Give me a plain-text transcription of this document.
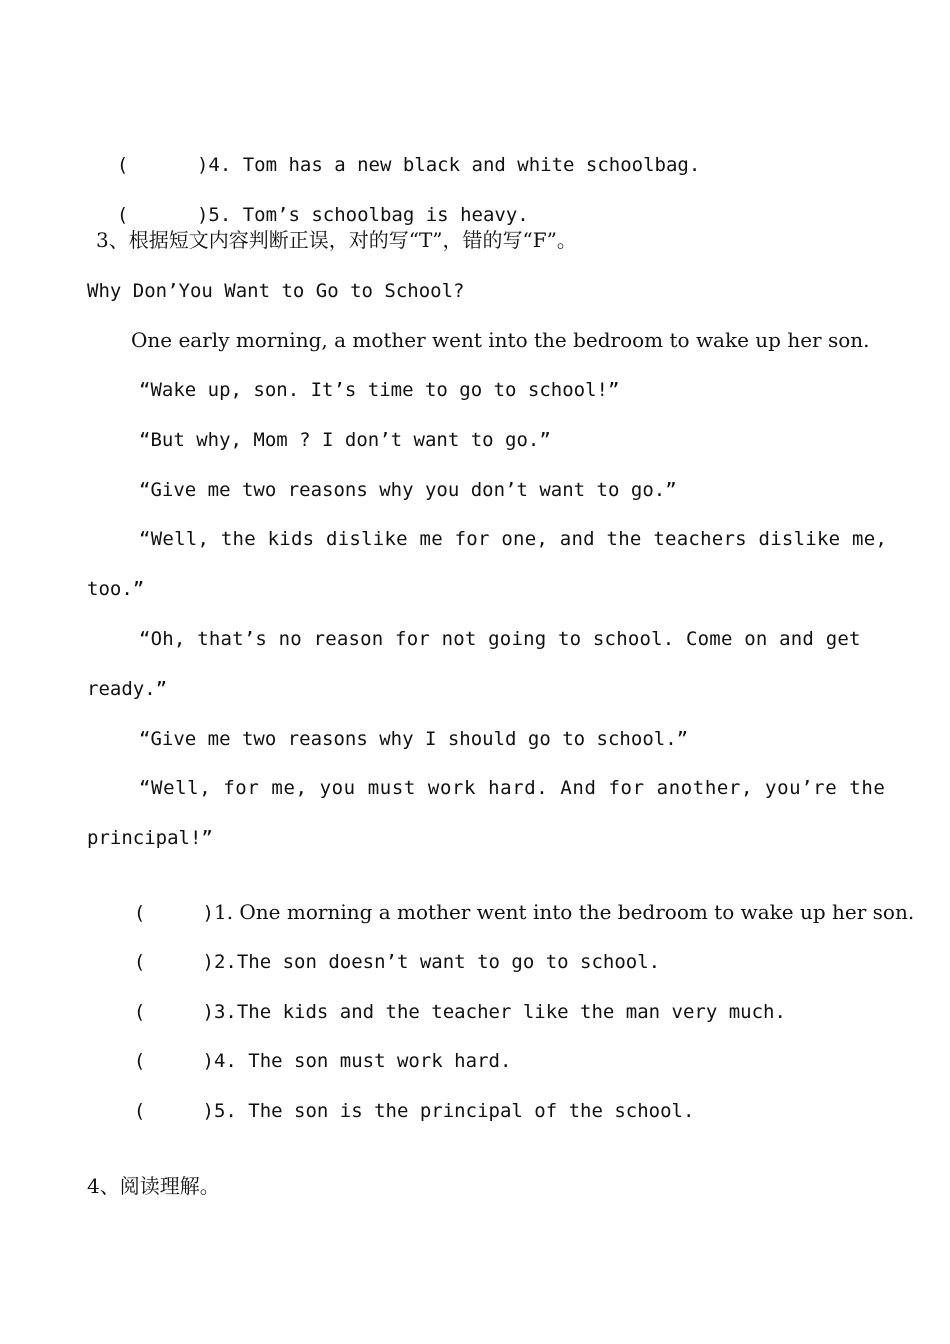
(      )4. Tom has a new black and white schoolbag.

(      )5. Tom’s schoolbag is heavy.

3、根据短文内容判断正误，对的写“T”，错的写“F”。
Why Don’You Want to Go to School?
One early morning, a mother went into the bedroom to wake up her son.
“Wake up, son. It’s time to go to school!”
“But why, Mom ? I don’t want to go.”
“Give me two reasons why you don’t want to go.”
“Well, the kids dislike me for one, and the teachers dislike me,
too.”
“Oh, that’s no reason for not going to school. Come on and get
ready.”
“Give me two reasons why I should go to school.”
“Well, for me, you must work hard. And for another, you’re the
principal!”

(     )1. One morning a mother went into the bedroom to wake up her son.

(     )2.The son doesn’t want to go to school.

(     )3.The kids and the teacher like the man very much.

(     )4. The son must work hard.

(     )5. The son is the principal of the school.

4、阅读理解。
